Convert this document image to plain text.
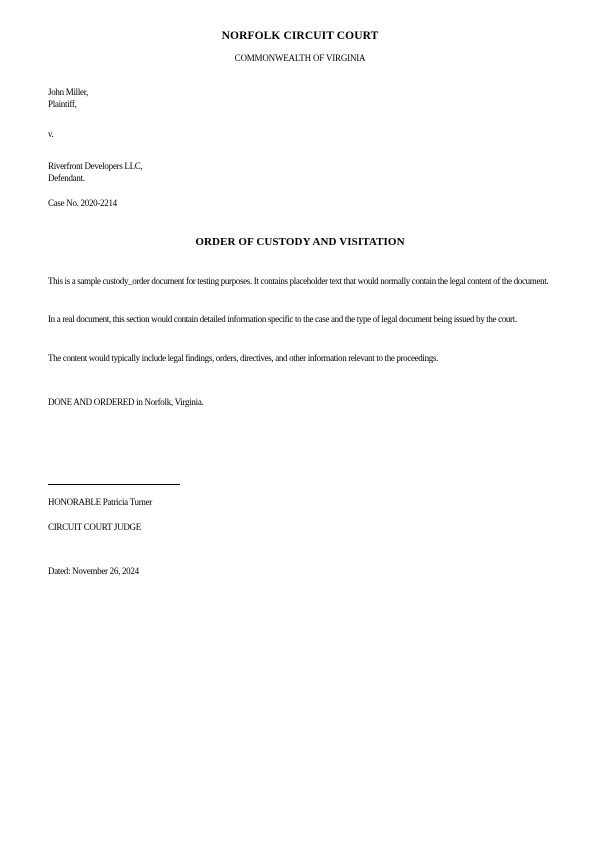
NORFOLK CIRCUIT COURT
COMMONWEALTH OF VIRGINIA
John Miller,
Plaintiff,
v.
Riverfront Developers LLC,
Defendant.
Case No. 2020-2214
ORDER OF CUSTODY AND VISITATION
This is a sample custody_order document for testing purposes. It contains placeholder text that would normally contain the legal content of the document.
In a real document, this section would contain detailed information specific to the case and the type of legal document being issued by the court.
The content would typically include legal findings, orders, directives, and other information relevant to the proceedings.
DONE AND ORDERED in Norfolk, Virginia.
HONORABLE Patricia Turner
CIRCUIT COURT JUDGE
Dated: November 26, 2024
